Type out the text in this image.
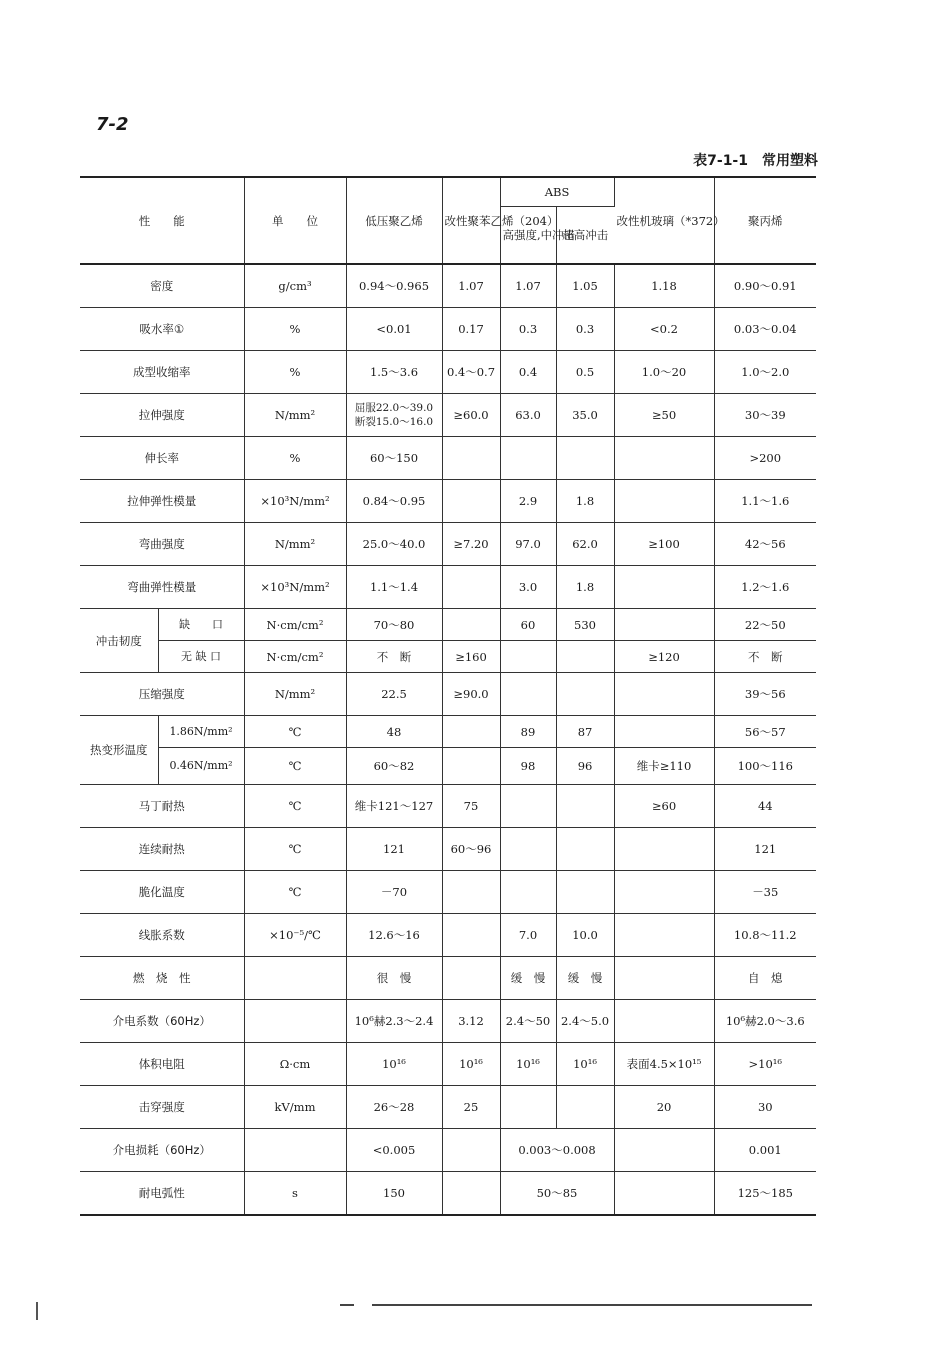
7-2
表7-1-1　常用塑料
性　　能		单　　位	低压聚乙烯	改性聚苯乙烯（204）	ABS		改性机玻璃（*372）	聚丙烯
					高强度,中冲击	超高冲击		
密度		g/cm³	0.94～0.965	1.07	1.07	1.05	1.18	0.90～0.91
吸水率①		%	<0.01	0.17	0.3	0.3	<0.2	0.03～0.04
成型收缩率		%	1.5～3.6	0.4～0.7	0.4	0.5	1.0～20	1.0～2.0
拉伸强度		N/mm²	屈服22.0～39.0
断裂15.0～16.0	≥60.0	63.0	35.0	≥50	30～39
伸长率		%	60～150					>200
拉伸弹性模量		×10³N/mm²	0.84～0.95		2.9	1.8		1.1～1.6
弯曲强度		N/mm²	25.0～40.0	≥7.20	97.0	62.0	≥100	42～56
弯曲弹性模量		×10³N/mm²	1.1～1.4		3.0	1.8		1.2～1.6
冲击韧度	缺　　口	N·cm/cm²	70～80		60	530		22～50
	无 缺 口	N·cm/cm²	不　断	≥160			≥120	不　断
压缩强度		N/mm²	22.5	≥90.0				39～56
热变形温度	1.86N/mm²	℃	48		89	87		56～57
	0.46N/mm²	℃	60～82		98	96	维卡≥110	100～116
马丁耐热		℃	维卡121～127	75			≥60	44
连续耐热		℃	121	60～96				121
脆化温度		℃	－70					－35
线胀系数		×10⁻⁵/℃	12.6～16		7.0	10.0		10.8～11.2
燃　烧　性			很　慢		缓　慢	缓　慢		自　熄
介电系数（60Hz）			10⁶赫2.3～2.4	3.12	2.4～50	2.4～5.0		10⁶赫2.0～3.6
体积电阻		Ω·cm	10¹⁶	10¹⁶	10¹⁶	10¹⁶	表面4.5×10¹⁵	>10¹⁶
击穿强度		kV/mm	26～28	25			20	30
介电损耗（60Hz）			<0.005		0.003～0.008			0.001
耐电弧性		s	150		50～85			125～185
